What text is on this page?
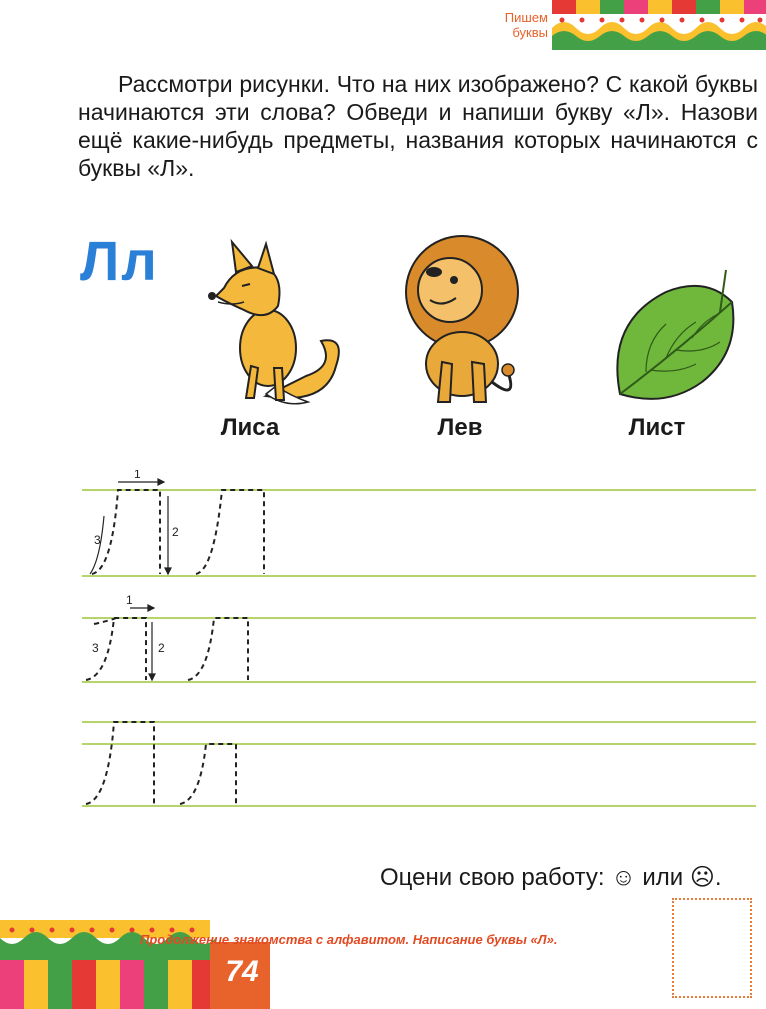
Пишем
буквы
Рассмотри рисунки. Что на них изображено? С какой буквы начинаются эти слова? Обведи и напиши букву «Л». Назови ещё какие-нибудь предметы, названия которых начинаются с буквы «Л».
Лл
Лиса	Лев	Лист
1
2
3
1
2
3
Оцени свою работу: ☺ или ☹.
74
Продолжение знакомства с алфавитом. Написание буквы «Л».
